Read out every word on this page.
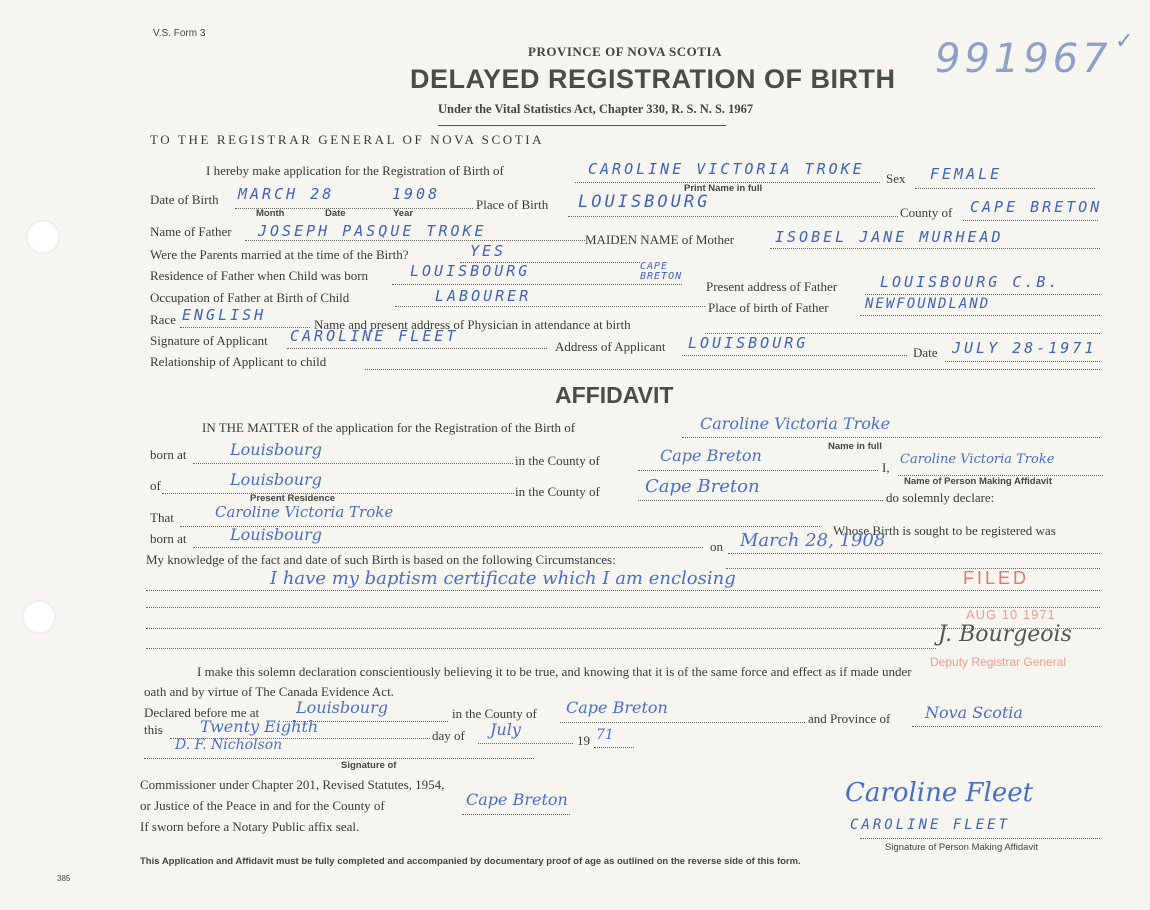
V.S. Form 3
PROVINCE OF NOVA SCOTIA
DELAYED REGISTRATION OF BIRTH
Under the Vital Statistics Act, Chapter 330, R. S. N. S. 1967
991967 ✓
TO THE REGISTRAR GENERAL OF NOVA SCOTIA
I hereby make application for the Registration of Birth of	CAROLINE VICTORIA TROKE
Sex FEMALE
Print Name in full
Date of Birth MARCH 28	1908
Place of Birth LOUISBOURG
County of CAPE BRETON
Month	Date	Year
Name of Father JOSEPH PASQUE TROKE	MAIDEN NAME of Mother	ISOBEL JANE MURHEAD
Were the Parents married at the time of the Birth?	YES
Residence of Father when Child was born	LOUISBOURG	CAPE BRETON
Present address of Father	LOUISBOURG C.B.
Occupation of Father at Birth of Child	LABOURER
Place of birth of Father	NEWFOUNDLAND
Race ENGLISH
Name and present address of Physician in attendance at birth
Signature of Applicant CAROLINE FLEET
Address of Applicant LOUISBOURG
Date JULY 28-1971
Relationship of Applicant to child
AFFIDAVIT
IN THE MATTER of the application for the Registration of the Birth of	Caroline Victoria Troke
Name in full
born at	Louisbourg
in the County of	Cape Breton
I,
Caroline Victoria Troke
Name of Person Making Affidavit
of	Louisbourg
Present Residence	in the County of	Cape Breton
do solemnly declare:
That	Caroline Victoria Troke
Whose Birth is sought to be registered was
born at	Louisbourg
on March 28, 1908
My knowledge of the fact and date of such Birth is based on the following Circumstances:
I have my baptism certificate which I am enclosing	FILED
AUG 10 1971
J. Bourgeois
Deputy Registrar General
I make this solemn declaration conscientiously believing it to be true, and knowing that it is of the same force and effect as if made under
oath and by virtue of The Canada Evidence Act.
Declared before me at Louisbourg	in the County of Cape Breton
and Province of Nova Scotia
this Twenty Eighth	day of July
19 71
D. F. Nicholson
Signature of
Commissioner under Chapter 201, Revised Statutes, 1954,
or Justice of the Peace in and for the County of	Cape Breton
If sworn before a Notary Public affix seal.
Caroline Fleet
CAROLINE FLEET
Signature of Person Making Affidavit
This Application and Affidavit must be fully completed and accompanied by documentary proof of age as outlined on the reverse side of this form.
385
